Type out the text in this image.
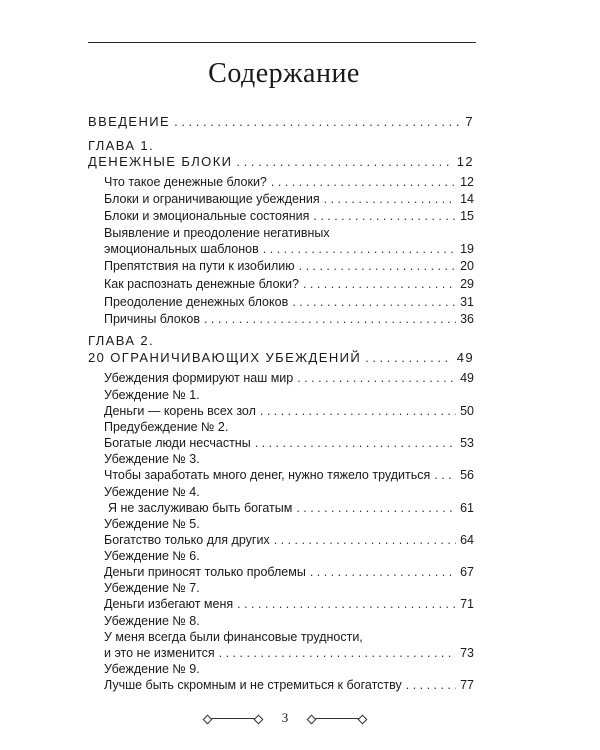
Содержание
ВВЕДЕНИЕ . . .	7
ГЛАВА 1.
ДЕНЕЖНЫЕ БЛОКИ . . .	12
Что такое денежные блоки? . . .	12
Блоки и ограничивающие убеждения . . .	14
Блоки и эмоциональные состояния . . .	15
Выявление и преодоление негативных
эмоциональных шаблонов . . .	19
Препятствия на пути к изобилию . . .	20
Как распознать денежные блоки? . . .	29
Преодоление денежных блоков . . .	31
Причины блоков . . .	36
ГЛАВА 2.
20 ОГРАНИЧИВАЮЩИХ УБЕЖДЕНИЙ . . .	49
Убеждения формируют наш мир . . .	49
Убеждение № 1.
Деньги — корень всех зол . . .	50
Предубеждение № 2.
Богатые люди несчастны . . .	53
Убеждение № 3.
Чтобы заработать много денег, нужно тяжело трудиться . . . 56
Убеждение № 4.
Я не заслуживаю быть богатым . . .	61
Убеждение № 5.
Богатство только для других . . .	64
Убеждение № 6.
Деньги приносят только проблемы . . .	67
Убеждение № 7.
Деньги избегают меня . . .	71
Убеждение № 8.
У меня всегда были финансовые трудности,
и это не изменится . . .	73
Убеждение № 9.
Лучше быть скромным и не стремиться к богатству . . .	77
3
